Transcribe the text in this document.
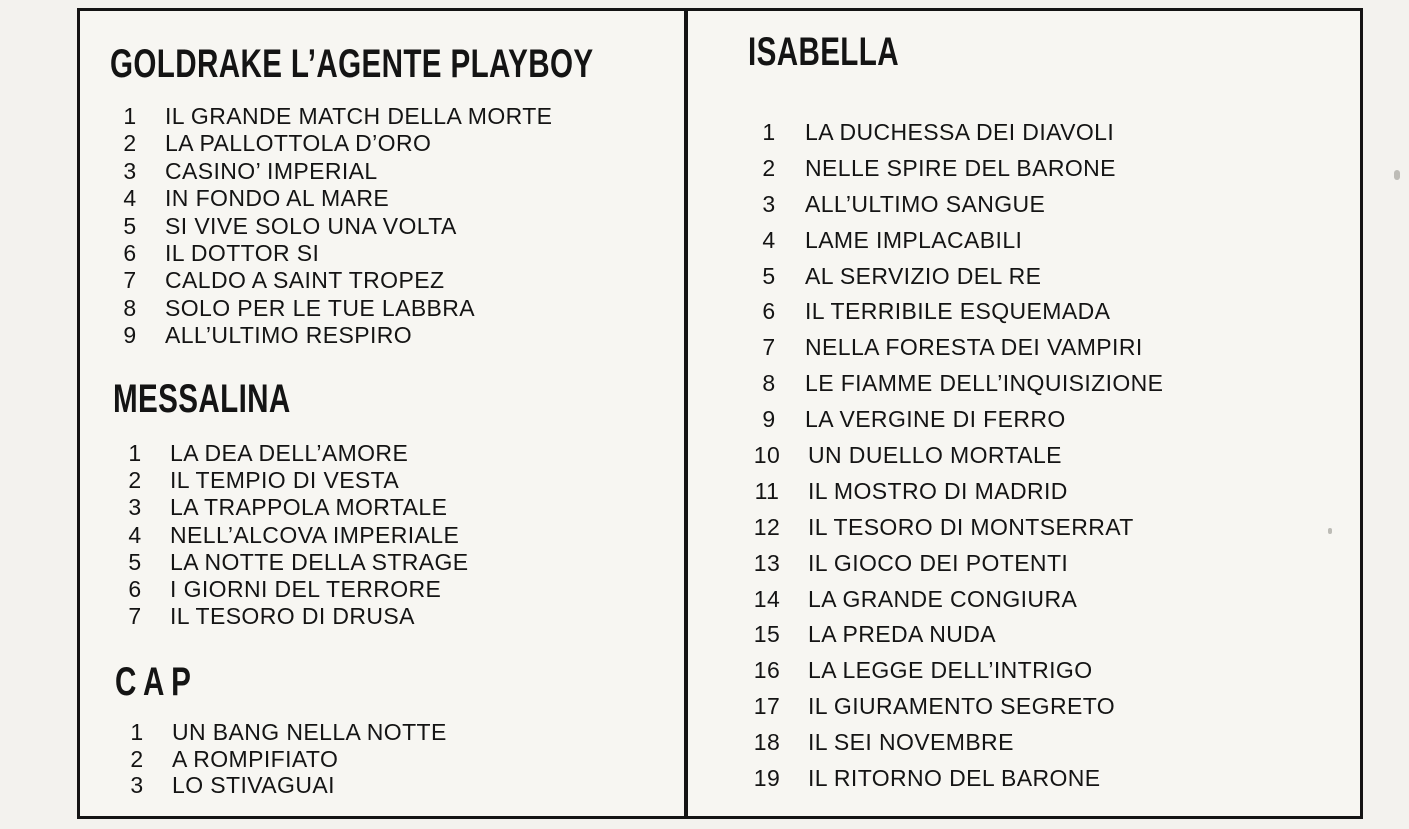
GOLDRAKE L’AGENTE PLAYBOY
1 IL GRANDE MATCH DELLA MORTE
2 LA PALLOTTOLA D’ORO
3 CASINO’ IMPERIAL
4 IN FONDO AL MARE
5 SI VIVE SOLO UNA VOLTA
6 IL DOTTOR SI
7 CALDO A SAINT TROPEZ
8 SOLO PER LE TUE LABBRA
9 ALL’ULTIMO RESPIRO
MESSALINA
1 LA DEA DELL’AMORE
2 IL TEMPIO DI VESTA
3 LA TRAPPOLA MORTALE
4 NELL’ALCOVA IMPERIALE
5 LA NOTTE DELLA STRAGE
6 I GIORNI DEL TERRORE
7 IL TESORO DI DRUSA
CAP
1 UN BANG NELLA NOTTE
2 A ROMPIFIATO
3 LO STIVAGUAI
ISABELLA
1 LA DUCHESSA DEI DIAVOLI
2 NELLE SPIRE DEL BARONE
3 ALL’ULTIMO SANGUE
4 LAME IMPLACABILI
5 AL SERVIZIO DEL RE
6 IL TERRIBILE ESQUEMADA
7 NELLA FORESTA DEI VAMPIRI
8 LE FIAMME DELL’INQUISIZIONE
9 LA VERGINE DI FERRO
10 UN DUELLO MORTALE
11 IL MOSTRO DI MADRID
12 IL TESORO DI MONTSERRAT
13 IL GIOCO DEI POTENTI
14 LA GRANDE CONGIURA
15 LA PREDA NUDA
16 LA LEGGE DELL’INTRIGO
17 IL GIURAMENTO SEGRETO
18 IL SEI NOVEMBRE
19 IL RITORNO DEL BARONE
